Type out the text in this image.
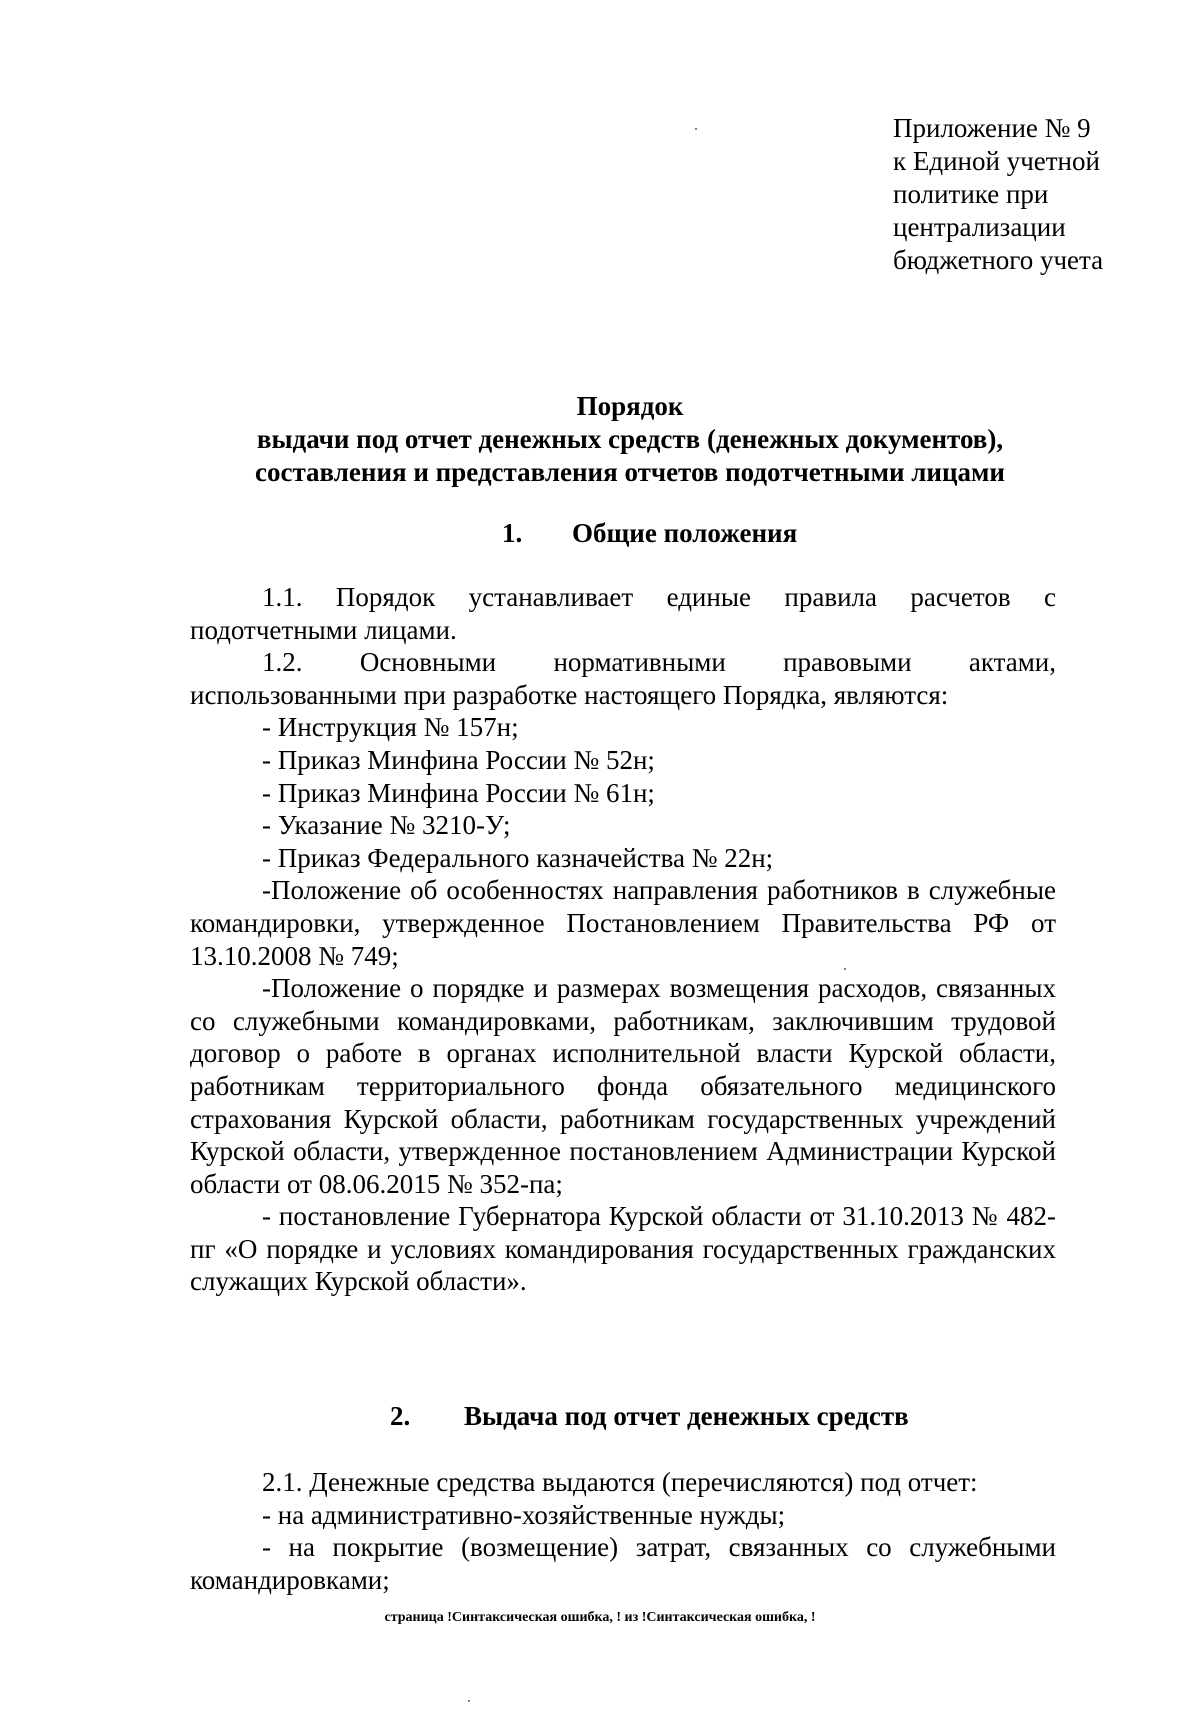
Приложение № 9
к Единой учетной
политике при
централизации
бюджетного учета
Порядок
выдачи под отчет денежных средств (денежных документов),
составления и представления отчетов подотчетными лицами
1. Общие положения

1.1. Порядок устанавливает единые правила расчетов с подотчетными лицами.

1.2. Основными нормативными правовыми актами, использованными при разработке настоящего Порядка, являются:

- Инструкция № 157н;

- Приказ Минфина России № 52н;

- Приказ Минфина России № 61н;

- Указание № 3210-У;

- Приказ Федерального казначейства № 22н;

-Положение об особенностях направления работников в служебные командировки, утвержденное Постановлением Правительства РФ от 13.10.2008 № 749;

-Положение о порядке и размерах возмещения расходов, связанных со служебными командировками, работникам, заключившим трудовой договор о работе в органах исполнительной власти Курской области, работникам территориального фонда обязательного медицинского страхования Курской области, работникам государственных учреждений Курской области, утвержденное постановлением Администрации Курской области от 08.06.2015 № 352-па;

- постановление Губернатора Курской области от 31.10.2013 № 482-пг «О порядке и условиях командирования государственных гражданских служащих Курской области».

2. Выдача под отчет денежных средств

2.1. Денежные средства выдаются (перечисляются) под отчет:

- на административно-хозяйственные нужды;

- на покрытие (возмещение) затрат, связанных со служебными командировками;

страница !Синтаксическая ошибка, ! из !Синтаксическая ошибка, !
